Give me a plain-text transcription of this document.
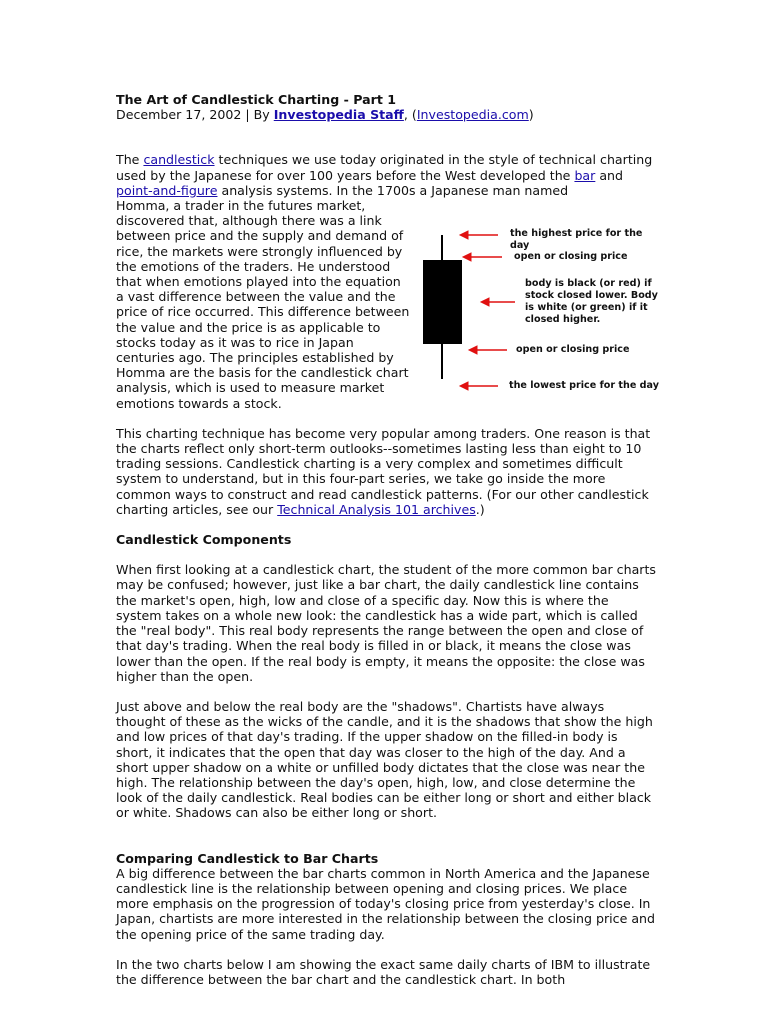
The Art of Candlestick Charting - Part 1

December 17, 2002 | By Investopedia Staff, (Investopedia.com)

The candlestick techniques we use today originated in the style of technical charting used by the Japanese for over 100 years before the West developed the bar and point-and-figure analysis systems. In the 1700s a Japanese man named

Homma, a trader in the futures market,

discovered that, although there was a link

between price and the supply and demand of

rice, the markets were strongly influenced by

the emotions of the traders. He understood

that when emotions played into the equation

a vast difference between the value and the

price of rice occurred. This difference between

the value and the price is as applicable to

stocks today as it was to rice in Japan

centuries ago. The principles established by

Homma are the basis for the candlestick chart

analysis, which is used to measure market

emotions towards a stock.

This charting technique has become very popular among traders. One reason is that the charts reflect only short-term outlooks--sometimes lasting less than eight to 10 trading sessions. Candlestick charting is a very complex and sometimes difficult system to understand, but in this four-part series, we take go inside the more common ways to construct and read candlestick patterns. (For our other candlestick charting articles, see our Technical Analysis 101 archives.)

Candlestick Components

When first looking at a candlestick chart, the student of the more common bar charts may be confused; however, just like a bar chart, the daily candlestick line contains the market's open, high, low and close of a specific day. Now this is where the system takes on a whole new look: the candlestick has a wide part, which is called the "real body". This real body represents the range between the open and close of that day's trading. When the real body is filled in or black, it means the close was lower than the open. If the real body is empty, it means the opposite: the close was higher than the open.

Just above and below the real body are the "shadows". Chartists have always thought of these as the wicks of the candle, and it is the shadows that show the high and low prices of that day's trading. If the upper shadow on the filled-in body is short, it indicates that the open that day was closer to the high of the day. And a short upper shadow on a white or unfilled body dictates that the close was near the high. The relationship between the day's open, high, low, and close determine the look of the daily candlestick. Real bodies can be either long or short and either black or white. Shadows can also be either long or short.

Comparing Candlestick to Bar Charts

A big difference between the bar charts common in North America and the Japanese candlestick line is the relationship between opening and closing prices. We place more emphasis on the progression of today's closing price from yesterday's close. In Japan, chartists are more interested in the relationship between the closing price and the opening price of the same trading day.

In the two charts below I am showing the exact same daily charts of IBM to illustrate the difference between the bar chart and the candlestick chart. In both

the highest price for the day
open or closing price
body is black (or red) if
stock closed lower. Body
is white (or green) if it
closed higher.
open or closing price
the lowest price for the day
